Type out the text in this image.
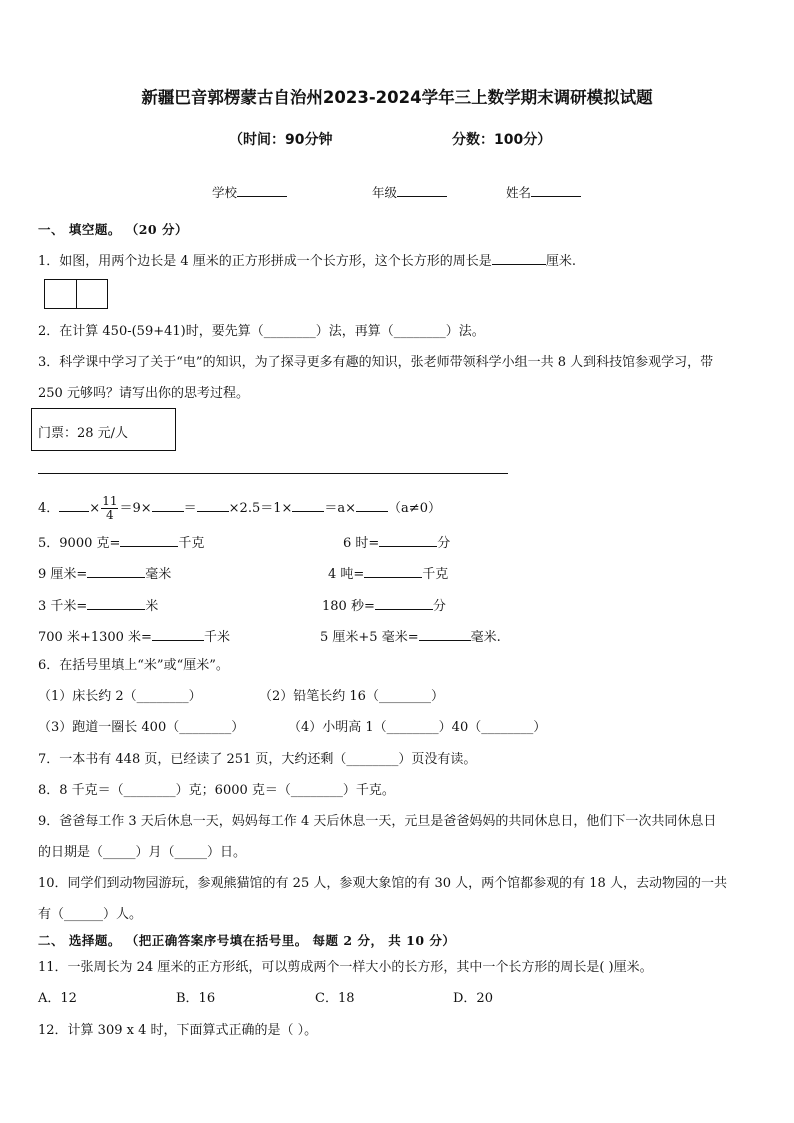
新疆巴音郭楞蒙古自治州2023-2024学年三上数学期末调研模拟试题
（时间：90分钟	分数：100分）
学校	年级	姓名
一、 填空题。 （20 分）
1．如图，用两个边长是 4 厘米的正方形拼成一个长方形，这个长方形的周长是	厘米.
2．在计算 450-(59+41)时，要先算（________）法，再算（________）法。
3．科学课中学习了关于“电”的知识，为了探寻更多有趣的知识，张老师带领科学小组一共 8 人到科技馆参观学习，带
250 元够吗？请写出你的思考过程。
门票：28 元/人
4． × $\frac{11}{4} =9\times = \times 2.5=1\times =a\times (a\ne 0)$
5．9000 克=	千克	6 时=	分
9 厘米=	毫米	4 吨=	千克
3 千米=	米	180 秒=	分
700 米+1300 米=	千米	5 厘米+5 毫米=	毫米.
6．在括号里填上“米”或“厘米”。
（1）床长约 2（________）	（2）铅笔长约 16（________）
（3）跑道一圈长 400（________）	（4）小明高 1（________）40（________）
7．一本书有 448 页，已经读了 251 页，大约还剩（________）页没有读。
8．8 千克＝（________）克；6000 克＝（________）千克。
9．爸爸每工作 3 天后休息一天，妈妈每工作 4 天后休息一天，元旦是爸爸妈妈的共同休息日，他们下一次共同休息日
的日期是（_____）月（_____）日。
10．同学们到动物园游玩，参观熊猫馆的有 25 人，参观大象馆的有 30 人，两个馆都参观的有 18 人，去动物园的一共
有（______）人。
二、 选择题。 （把正确答案序号填在括号里。 每题 2 分， 共 10 分）
11．一张周长为 24 厘米的正方形纸，可以剪成两个一样大小的长方形，其中一个长方形的周长是( )厘米。
A．12	B．16	C．18	D．20
12．计算 309 x 4 时，下面算式正确的是（ ）。
